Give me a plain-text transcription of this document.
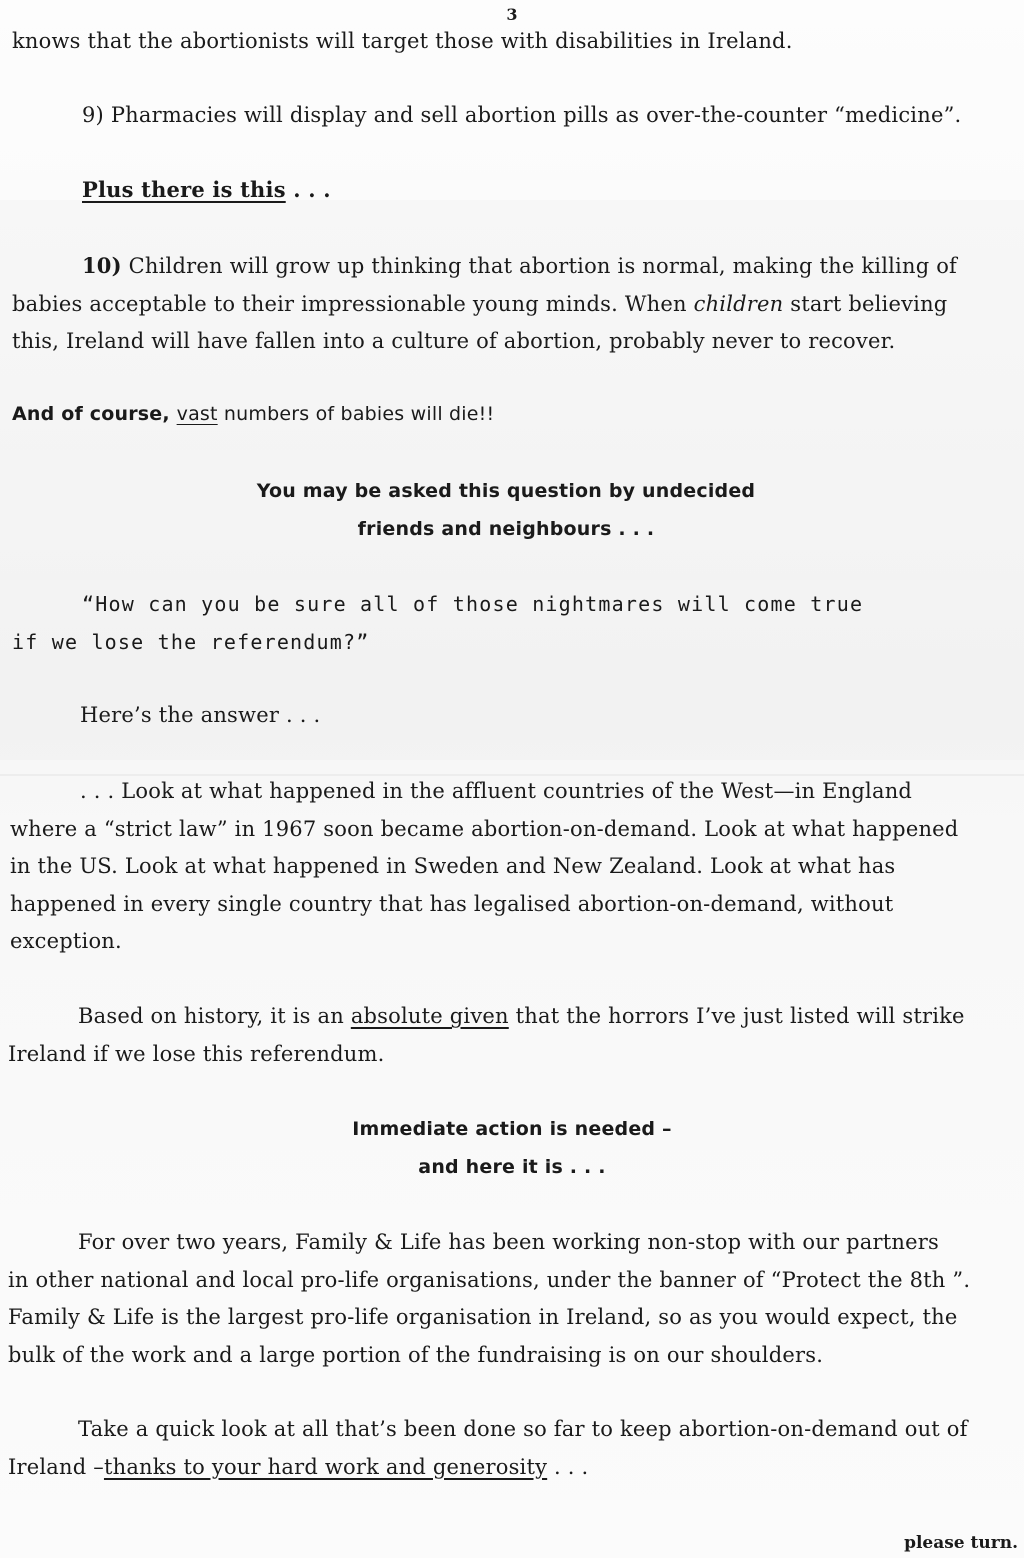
3
knows that the abortionists will target those with disabilities in Ireland.
9) Pharmacies will display and sell abortion pills as over-the-counter “medicine”.
Plus there is this . . .
10) Children will grow up thinking that abortion is normal, making the killing of
babies acceptable to their impressionable young minds. When children start believing
this, Ireland will have fallen into a culture of abortion, probably never to recover.
And of course, vast numbers of babies will die!!
You may be asked this question by undecided
friends and neighbours . . .
“How can you be sure all of those nightmares will come true
if we lose the referendum?”
Here’s the answer . . .
. . . Look at what happened in the affluent countries of the West—in England
where a “strict law” in 1967 soon became abortion-on-demand. Look at what happened
in the US. Look at what happened in Sweden and New Zealand. Look at what has
happened in every single country that has legalised abortion-on-demand, without
exception.
Based on history, it is an absolute given that the horrors I’ve just listed will strike
Ireland if we lose this referendum.
Immediate action is needed –
and here it is . . .
For over two years, Family & Life has been working non-stop with our partners
in other national and local pro-life organisations, under the banner of “Protect the 8th ”.
Family & Life is the largest pro-life organisation in Ireland, so as you would expect, the
bulk of the work and a large portion of the fundraising is on our shoulders.
Take a quick look at all that’s been done so far to keep abortion-on-demand out of
Ireland –thanks to your hard work and generosity . . .
please turn.
